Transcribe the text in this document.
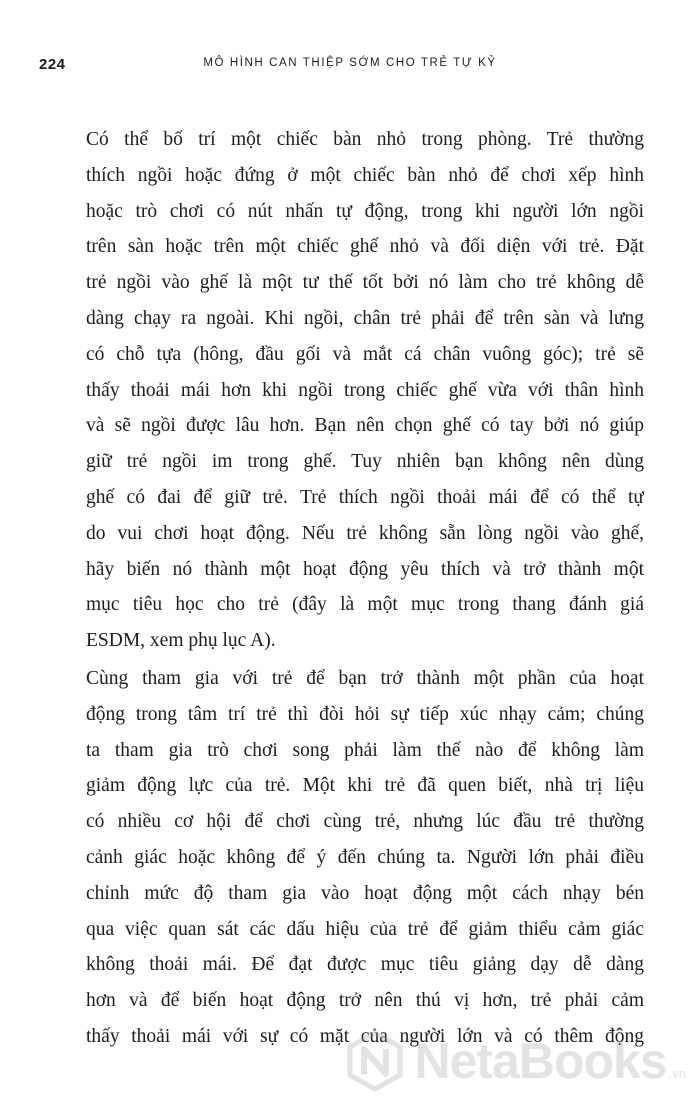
224	MÔ HÌNH CAN THIỆP SỚM CHO TRẺ TỰ KỶ
Có thể bố trí một chiếc bàn nhỏ trong phòng. Trẻ thường
thích ngồi hoặc đứng ở một chiếc bàn nhỏ để chơi xếp hình
hoặc trò chơi có nút nhấn tự động, trong khi người lớn ngồi
trên sàn hoặc trên một chiếc ghế nhỏ và đối diện với trẻ. Đặt
trẻ ngồi vào ghế là một tư thế tốt bởi nó làm cho trẻ không dễ
dàng chạy ra ngoài. Khi ngồi, chân trẻ phải để trên sàn và lưng
có chỗ tựa (hông, đầu gối và mắt cá chân vuông góc); trẻ sẽ
thấy thoải mái hơn khi ngồi trong chiếc ghế vừa với thân hình
và sẽ ngồi được lâu hơn. Bạn nên chọn ghế có tay bởi nó giúp
giữ trẻ ngồi im trong ghế. Tuy nhiên bạn không nên dùng
ghế có đai để giữ trẻ. Trẻ thích ngồi thoải mái để có thể tự
do vui chơi hoạt động. Nếu trẻ không sẵn lòng ngồi vào ghế,
hãy biến nó thành một hoạt động yêu thích và trở thành một
mục tiêu học cho trẻ (đây là một mục trong thang đánh giá
ESDM, xem phụ lục A).
Cùng tham gia với trẻ để bạn trở thành một phần của hoạt
động trong tâm trí trẻ thì đòi hỏi sự tiếp xúc nhạy cảm; chúng
ta tham gia trò chơi song phải làm thế nào để không làm
giảm động lực của trẻ. Một khi trẻ đã quen biết, nhà trị liệu
có nhiều cơ hội để chơi cùng trẻ, nhưng lúc đầu trẻ thường
cảnh giác hoặc không để ý đến chúng ta. Người lớn phải điều
chỉnh mức độ tham gia vào hoạt động một cách nhạy bén
qua việc quan sát các dấu hiệu của trẻ để giảm thiểu cảm giác
không thoải mái. Để đạt được mục tiêu giảng dạy dễ dàng
hơn và để biến hoạt động trở nên thú vị hơn, trẻ phải cảm
thấy thoải mái với sự có mặt của người lớn và có thêm động
NetaBooks .vn
